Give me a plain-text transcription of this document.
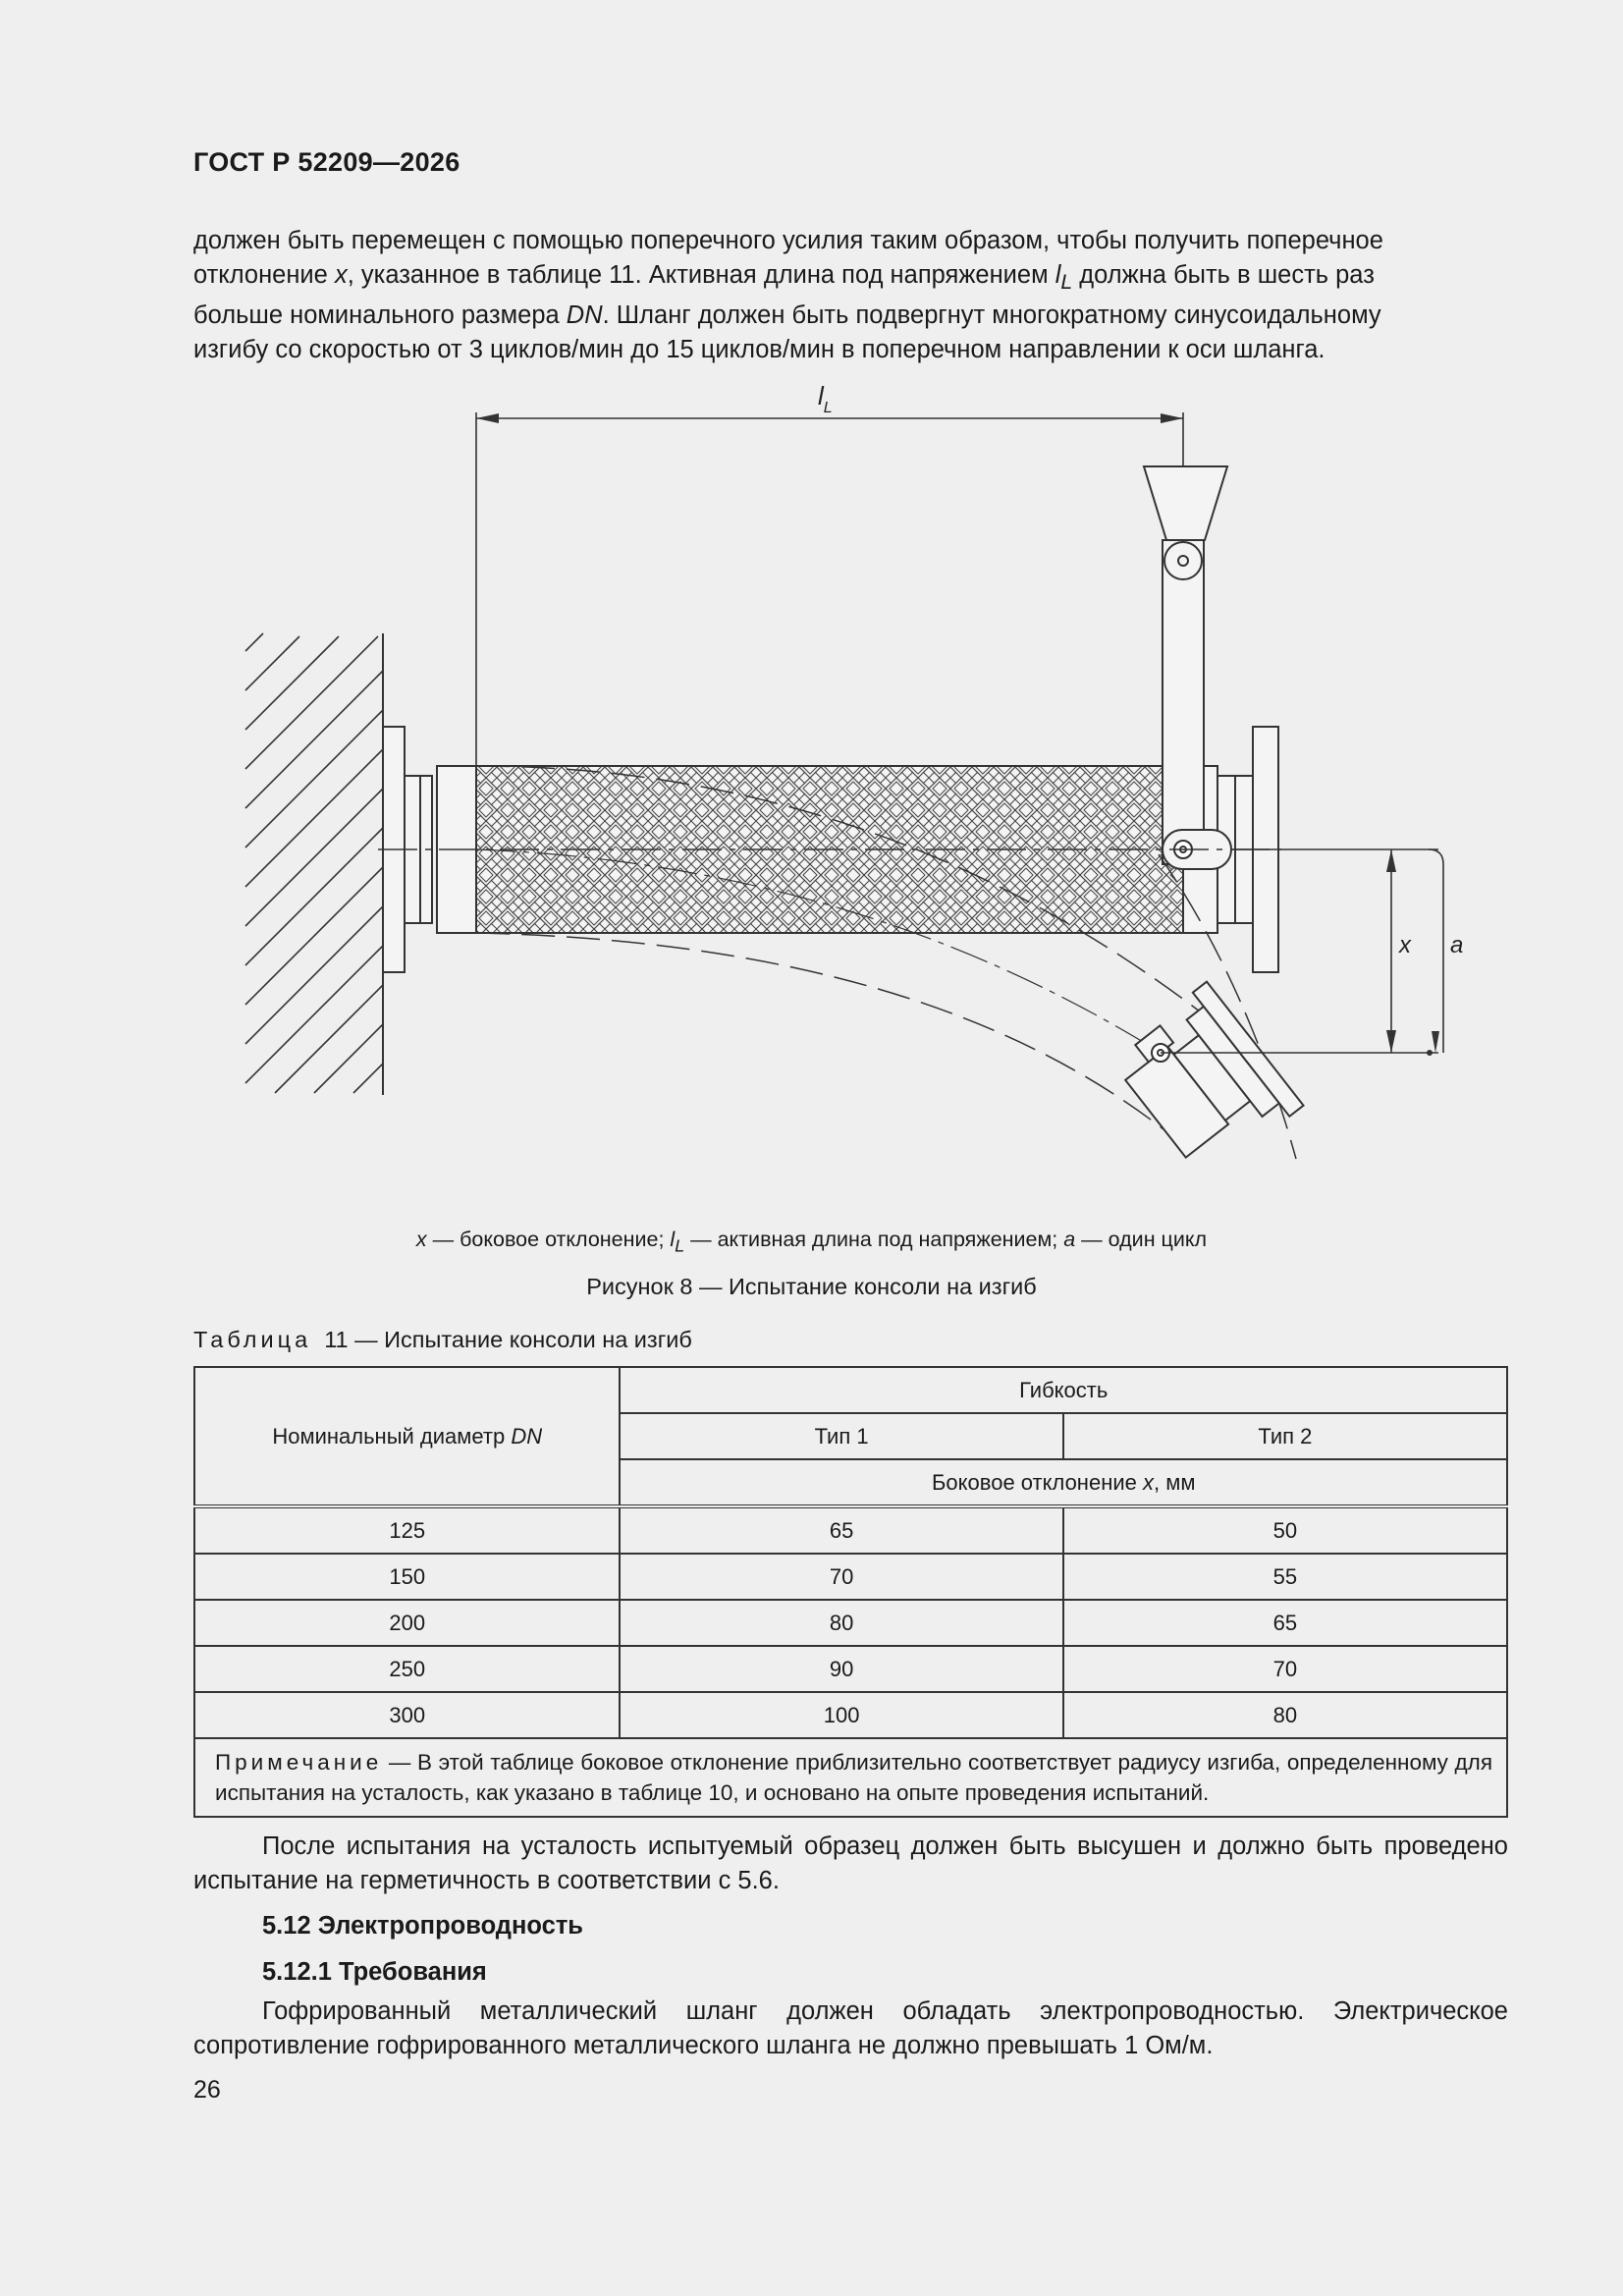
ГОСТ Р 52209—2026

должен быть перемещен с помощью поперечного усилия таким образом, чтобы получить поперечное

отклонение x, указанное в таблице 11. Активная длина под напряжением $l_L$ должна быть в шесть раз

больше номинального размера DN. Шланг должен быть подвергнут многократному синусоидальному

изгибу со скоростью от 3 циклов/мин до 15 циклов/мин в поперечном направлении к оси шланга.

$l_L$
x a
x — боковое отклонение; $l_L$ — активная длина под напряжением; a — один цикл
Рисунок 8 — Испытание консоли на изгиб
Таблица  11 — Испытание консоли на изгиб
Номинальный диаметр DN	Гибкость	
	Тип 1	Тип 2
	Боковое отклонение x, мм	
125	65	50
150	70	55
200	80	65
250	90	70
300	100	80
Примечание — В этой таблице боковое отклонение приблизительно соответствует радиусу изгиба, определенному для испытания на усталость, как указано в таблице 10, и основано на опыте проведения испытаний.		

После испытания на усталость испытуемый образец должен быть высушен и должно быть проведено испытание на герметичность в соответствии с 5.6.

5.12 Электропроводность
5.12.1 Требования

Гофрированный металлический шланг должен обладать электропроводностью. Электрическое сопротивление гофрированного металлического шланга не должно превышать 1 Ом/м.

26
